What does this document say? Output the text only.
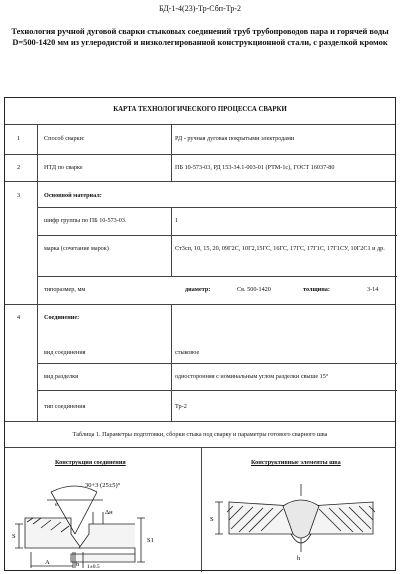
БД-1-4(23)-Тр-Сбп-Тр-2
Технология ручной дуговой сварки стыковых соединений труб трубопроводов пара и горячей воды D=500-1420 мм из углеродистой и низколегированной конструкционной стали, с разделкой кромок
КАРТА ТЕХНОЛОГИЧЕСКОГО ПРОЦЕССА СВАРКИ
1	Способ сварки:	РД - ручная дуговая покрытыми электродами
2	НТД по сварке	ПБ 10-573-03, РД 153-34.1-003-01 (РТМ-1с), ГОСТ 16037-80
3	Основной материал:
шифр группы по ПБ 10-573-03.	1
марка (сочетание марок)	Ст3сп, 10, 15, 20, 09Г2С, 10Г2,15ГС, 16ГС, 17ГС, 17Г1С, 17Г1СУ, 10Г2С1 и др.
типоразмер, мм	диаметр:	Св. 500-1420	толщина:	3-14
4	Соединение:
вид соединения	стыковое
вид разделки	односторонняя с номинальным углом разделки свыше 15°
тип соединения	Тр-2
Таблица 1. Параметры подготовки, сборки стыка под сварку и параметры готового сварного шва
Конструкция соединения	Конструктивные элементы шва
30+3 (25±5)°
e
Δн
S
S1
A	b 1±0.5
S
h
